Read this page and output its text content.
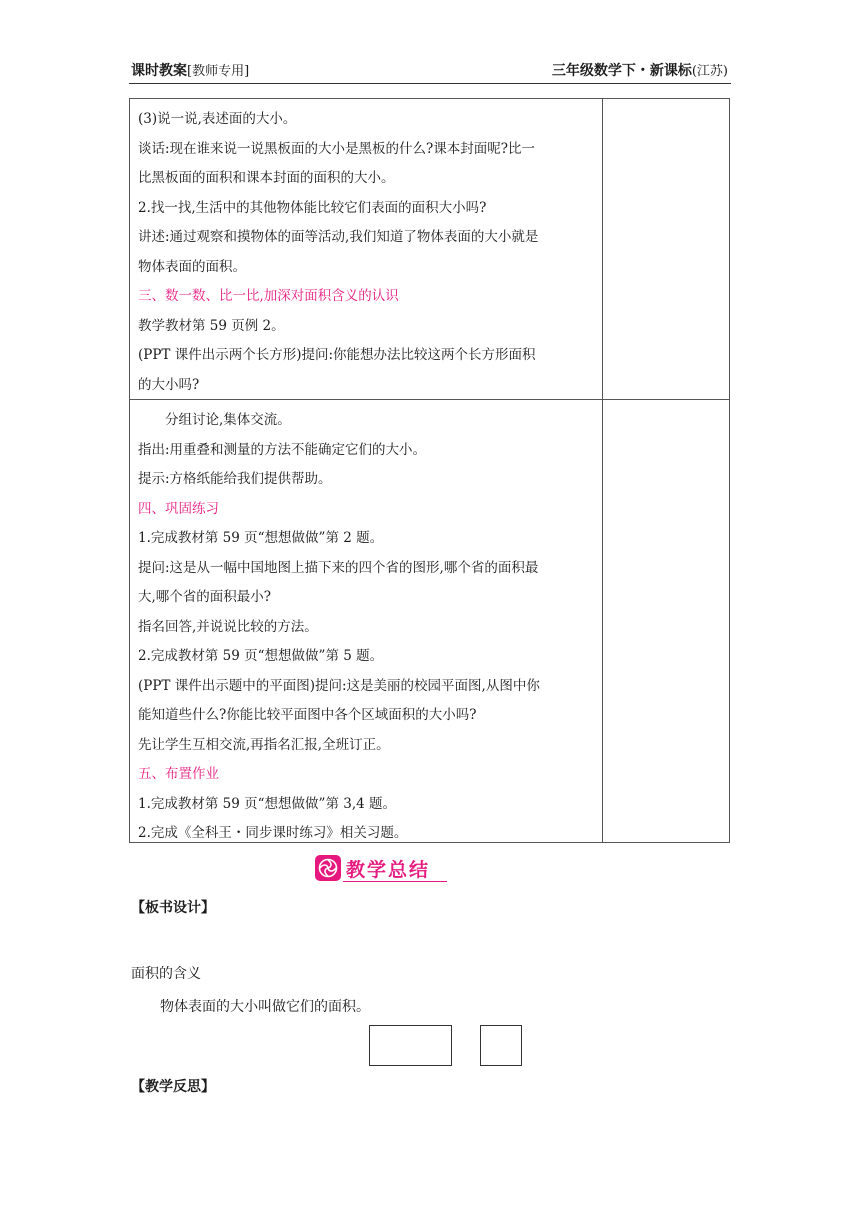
课时教案[教师专用]	三年级数学下・新课标(江苏)
(3)说一说,表述面的大小。
谈话:现在谁来说一说黑板面的大小是黑板的什么?课本封面呢?比一
比黑板面的面积和课本封面的面积的大小。
2.找一找,生活中的其他物体能比较它们表面的面积大小吗?
讲述:通过观察和摸物体的面等活动,我们知道了物体表面的大小就是
物体表面的面积。
三、数一数、比一比,加深对面积含义的认识
教学教材第 59 页例 2。
(PPT 课件出示两个长方形)提问:你能想办法比较这两个长方形面积
的大小吗?
分组讨论,集体交流。
指出:用重叠和测量的方法不能确定它们的大小。
提示:方格纸能给我们提供帮助。
四、巩固练习
1.完成教材第 59 页“想想做做”第 2 题。
提问:这是从一幅中国地图上描下来的四个省的图形,哪个省的面积最
大,哪个省的面积最小?
指名回答,并说说比较的方法。
2.完成教材第 59 页“想想做做”第 5 题。
(PPT 课件出示题中的平面图)提问:这是美丽的校园平面图,从图中你
能知道些什么?你能比较平面图中各个区域面积的大小吗?
先让学生互相交流,再指名汇报,全班订正。
五、布置作业
1.完成教材第 59 页“想想做做”第 3,4 题。
2.完成《全科王・同步课时练习》相关习题。
教学总结
【板书设计】
面积的含义
物体表面的大小叫做它们的面积。
【教学反思】
